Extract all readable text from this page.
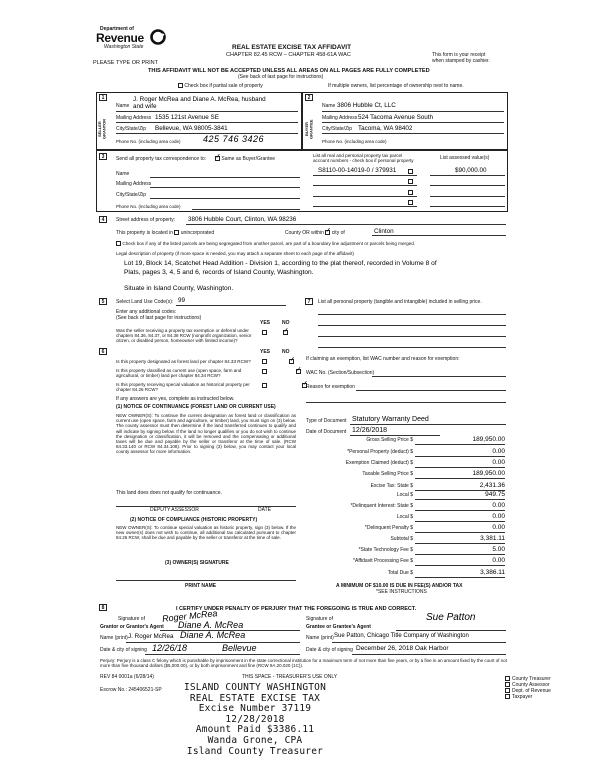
Department of
Revenue
Washington State
PLEASE TYPE OR PRINT
REAL ESTATE EXCISE TAX AFFIDAVIT
CHAPTER 82.45 RCW – CHAPTER 458-61A WAC	This form is your receipt
when stamped by cashier.
THIS AFFIDAVIT WILL NOT BE ACCEPTED UNLESS ALL AREAS ON ALL PAGES ARE FULLY COMPLETED
(See back of last page for instructions)
Check box if partial sale of property	If multiple owners, list percentage of ownership next to name.
1	2
SELLER GRANTOR	BUYER GRANTEE
Name
J. Roger McRea and Diane A. McRea, husband
and wife
Mailing Address 1535 121st Avenue SE
City/State/Zip Bellevue, WA 98005-3841
Phone No. (including area code) 425 746 3426
Name 3806 Hubble Ct, LLC
Mailing Address 524 Tacoma Avenue South
City/State/Zip Tacoma, WA 98402
Phone No. (including area code)
3	Send all property tax correspondence to: ✓	Same as Buyer/Grantee
List all real and personal property tax parcel account numbers - check box if personal property	List assessed value(s)
Name
Mailing Address
City/State/Zip
Phone No. (including area code)
S8110-00-14019-0 / 379931	$90,000.00
4	Street address of property: 3806 Hubble Court, Clinton, WA 98236
This property is located in unincorporated	County OR within ✓ city of	Clinton
Check box if any of the listed parcels are being segregated from another parcel, are part of a boundary line adjustment or parcels being merged.
Legal description of property (if more space is needed, you may attach a separate sheet to each page of the affidavit)
Lot 19, Block 14, Scatchet Head Addition - Division 1, according to the plat thereof, recorded in Volume 8 of
Plats, pages 3, 4, 5 and 6, records of Island County, Washington.
Situate in Island County, Washington.
5	Select Land Use Code(s): 99
Enter any additional codes:
(See back of last page for instructions)
YES NO
Was the seller receiving a property tax exemption or deferral under chapters 84.36, 84.37, or 84.38 RCW (nonprofit organization, senior citizen, or disabled person, homeowner with limited income)?
✓
7	List all personal property (tangible and intangible) included in selling price.
6	YES NO
Is this property designated as forest land per chapter 84.33 RCW?
✓
Is this property classified as current use (open space, farm and agricultural, or timber) land per chapter 84.34 RCW?
✓
Is this property receiving special valuation as historical property per chapter 84.26 RCW?
✓
If any answers are yes, complete as instructed below.
(1) NOTICE OF CONTINUANCE (FOREST LAND OR CURRENT USE)
NEW OWNER(S): To continue the current designation as forest land or classification as current use (open space, farm and agriculture, or timber) land, you must sign on (3) below. The county assessor must then determine if the land transferred continues to qualify and will indicate by signing below. If the land no longer qualifies or you do not wish to continue the designation or classification, it will be removed and the compensating or additional taxes will be due and payable by the seller or transferor at the time of sale. (RCW 84.33.140 or RCW 84.34.108). Prior to signing (3) below, you may contact your local county assessor for more information.
This land does does not qualify for continuance.
DEPUTY ASSESSOR	DATE
(2) NOTICE OF COMPLIANCE (HISTORIC PROPERTY)
NEW OWNER(S): To continue special valuation as historic property, sign (3) below. If the new owner(s) does not wish to continue, all additional tax calculated pursuant to chapter 84.26 RCW, shall be due and payable by the seller or transferor at the time of sale.
(3) OWNER(S) SIGNATURE
PRINT NAME
If claiming an exemption, list WAC number and reason for exemption:
WAC No. (Section/Subsection)
Reason for exemption
Type of Document Statutory Warranty Deed
Date of Document 12/26/2018
Gross Selling Price $	189,950.00
*Personal Property (deduct) $	0.00
Exemption Claimed (deduct) $	0.00
Taxable Selling Price $	189,950.00
Excise Tax: State $	2,431.36
Local $	949.75
*Delinquent Interest: State $	0.00
Local $	0.00
*Delinquent Penalty $	0.00
Subtotal $	3,381.11
*State Technology Fee $	5.00
*Affidavit Processing Fee $	0.00
Total Due $	3,386.11
A MINIMUM OF $10.00 IS DUE IN FEE(S) AND/OR TAX
*SEE INSTRUCTIONS
8	I CERTIFY UNDER PENALTY OF PERJURY THAT THE FOREGOING IS TRUE AND CORRECT.
Signature of
Grantor or Grantor's Agent
Roger McRea
Diane A. McRea
Name (print) J. Roger McRea Diane A. McRea
Date & city of signing 12/26/18	Bellevue
Signature of
Grantee or Grantee's Agent
Sue Patton
Name (print) Sue Patton, Chicago Title Company of Washington
Date & city of signing December 26, 2018 Oak Harbor
Perjury: Perjury is a class C felony which is punishable by imprisonment in the state correctional institution for a maximum term of not more than five years, or by a fine in an amount fixed by the court of not more than five thousand dollars ($5,000.00), or by both imprisonment and fine (RCW 9A.20.020 (1C)).
REV 84 0001a (6/28/14)	THIS SPACE - TREASURER'S USE ONLY
Escrow No.: 245406521-SP
County Treasurer
County Assessor
Dept. of Revenue
Taxpayer
ISLAND COUNTY WASHINGTON
REAL ESTATE EXCISE TAX
Excise Number 37119
12/28/2018
Amount Paid $3386.11
Wanda Grone, CPA
Island County Treasurer
